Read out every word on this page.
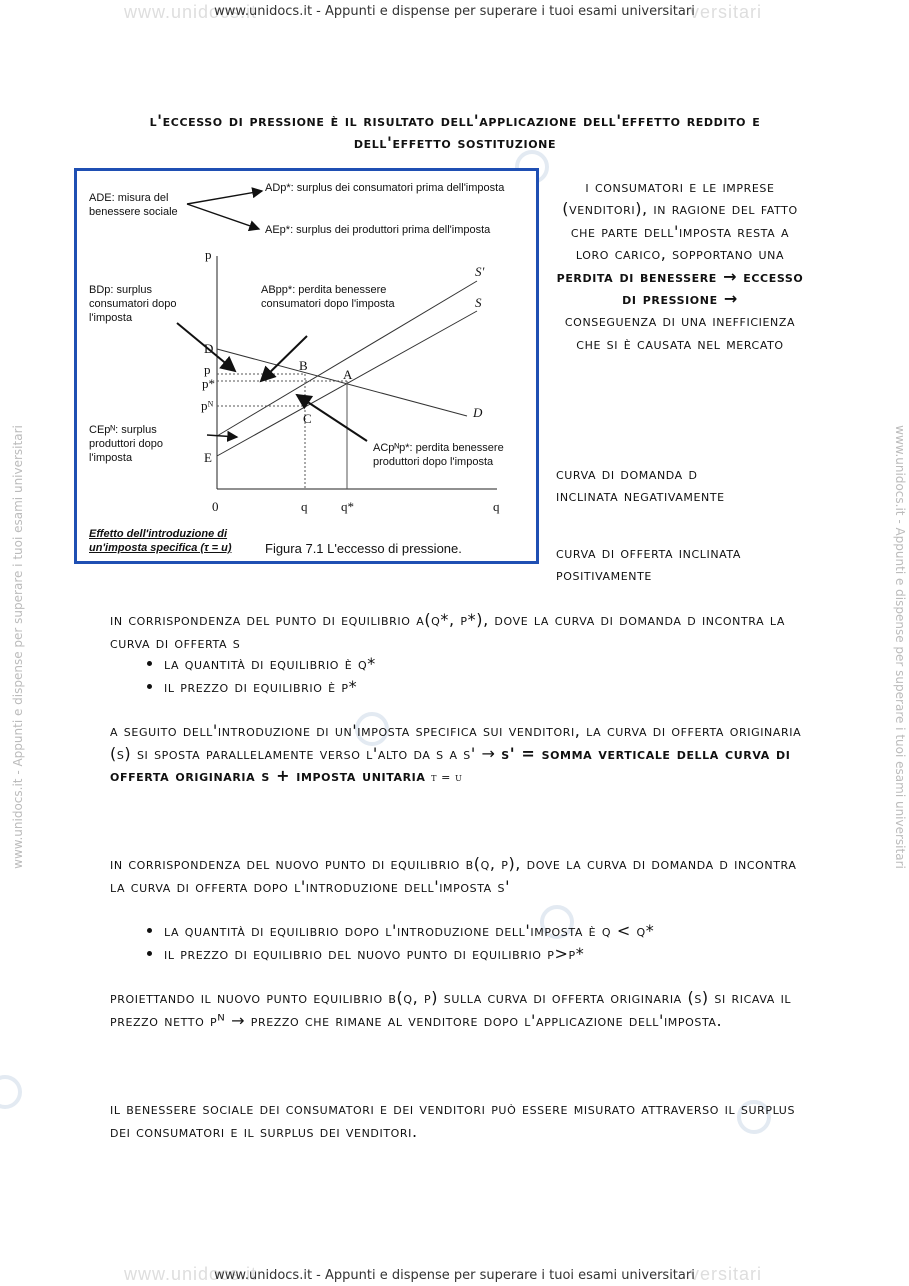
www.unidocs.it	versitari
www.unidocs.it - Appunti e dispense per superare i tuoi esami universitari
www.unidocs.it	versitari
www.unidocs.it - Appunti e dispense per superare i tuoi esami universitari
www.unidocs.it - Appunti e dispense per superare i tuoi esami universitari	www.unidocs.it - Appunti e dispense per superare i tuoi esami universitari
l'eccesso di pressione è il risultato dell'applicazione dell'effetto reddito e dell'effetto sostituzione
ADE: misura del benessere sociale
ADp*: surplus dei consumatori prima dell'imposta
AEp*: surplus dei produttori prima dell'imposta
BDp: surplus consumatori dopo l'imposta
ABpp*: perdita benessere consumatori dopo l'imposta
CEpᴺ: surplus produttori dopo l'imposta
ACpᴺp*: perdita benessere produttori dopo l'imposta
p
D
p
p*
pᴺ
E
0	q	q*	q
B
A
C
S'
S
D
Effetto dell'introduzione di un'imposta specifica (τ = u)	Figura 7.1 L'eccesso di pressione.
i consumatori e le imprese (venditori), in ragione del fatto che parte dell'imposta resta a loro carico, sopportano una
perdita di benessere → eccesso di pressione →
conseguenza di una inefficienza che si è causata nel mercato
curva di domanda d inclinata negativamente
curva di offerta inclinata positivamente
in corrispondenza del punto di equilibrio a(q*, p*), dove la curva di domanda d incontra la curva di offerta s
• la quantità di equilibrio è q*
• il prezzo di equilibrio è p*
a seguito dell'introduzione di un'imposta specifica sui venditori, la curva di offerta originaria (s) si sposta parallelamente verso l'alto da s a s' → s' = somma verticale della curva di offerta originaria s + imposta unitaria t = u
in corrispondenza del nuovo punto di equilibrio b(q, p), dove la curva di domanda d incontra la curva di offerta dopo l'introduzione dell'imposta s'
• la quantità di equilibrio dopo l'introduzione dell'imposta è q < q*
• il prezzo di equilibrio del nuovo punto di equilibrio p>p*
proiettando il nuovo punto equilibrio b(q, p) sulla curva di offerta originaria (s) si ricava il prezzo netto pᴺ → prezzo che rimane al venditore dopo l'applicazione dell'imposta.
il benessere sociale dei consumatori e dei venditori può essere misurato attraverso il surplus dei consumatori e il surplus dei venditori.
